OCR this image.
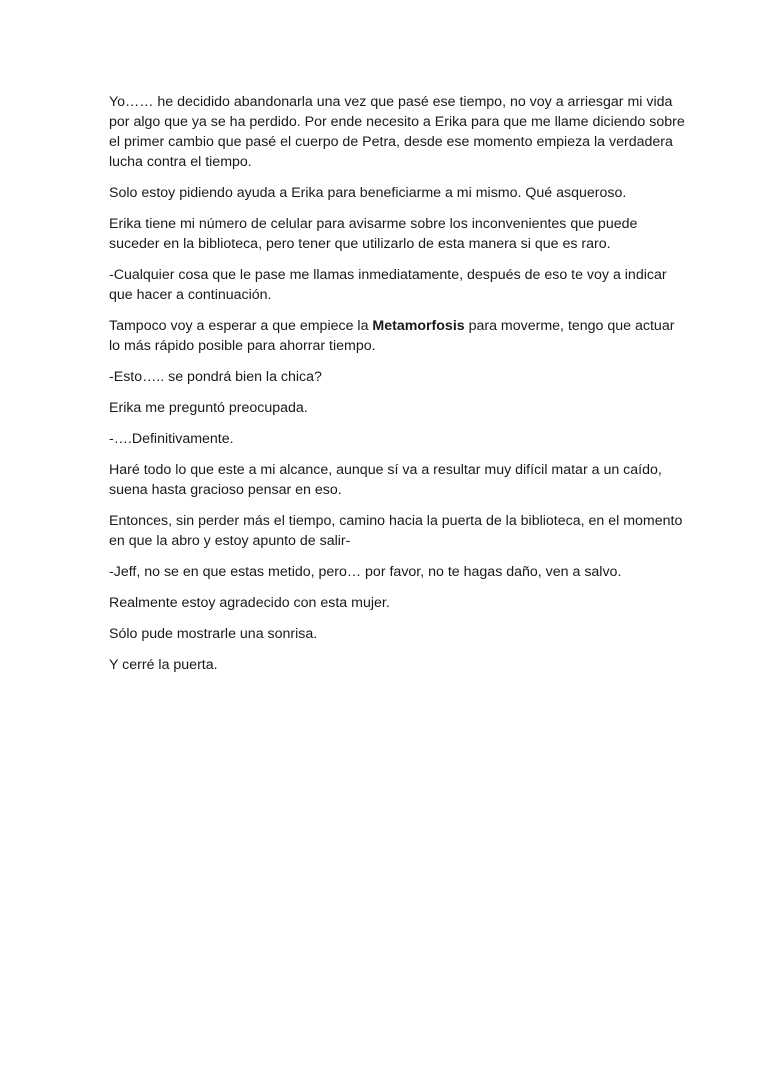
Yo…… he decidido abandonarla una vez que pasé ese tiempo, no voy a arriesgar mi vida por algo que ya se ha perdido. Por ende necesito a Erika para que me llame diciendo sobre el primer cambio que pasé el cuerpo de Petra, desde ese momento empieza la verdadera lucha contra el tiempo.

Solo estoy pidiendo ayuda a Erika para beneficiarme a mi mismo. Qué asqueroso.

Erika tiene mi número de celular para avisarme sobre los inconvenientes que puede suceder en la biblioteca, pero tener que utilizarlo de esta manera si que es raro.

-Cualquier cosa que le pase me llamas inmediatamente, después de eso te voy a indicar que hacer a continuación.

Tampoco voy a esperar a que empiece la Metamorfosis para moverme, tengo que actuar lo más rápido posible para ahorrar tiempo.

-Esto….. se pondrá bien la chica?

Erika me preguntó preocupada.

-….Definitivamente.

Haré todo lo que este a mi alcance, aunque sí va a resultar muy difícil matar a un caído, suena hasta gracioso pensar en eso.

Entonces, sin perder más el tiempo, camino hacia la puerta de la biblioteca, en el momento en que la abro y estoy apunto de salir-

-Jeff, no se en que estas metido, pero… por favor, no te hagas daño, ven a salvo.

Realmente estoy agradecido con esta mujer.

Sólo pude mostrarle una sonrisa.

Y cerré la puerta.
